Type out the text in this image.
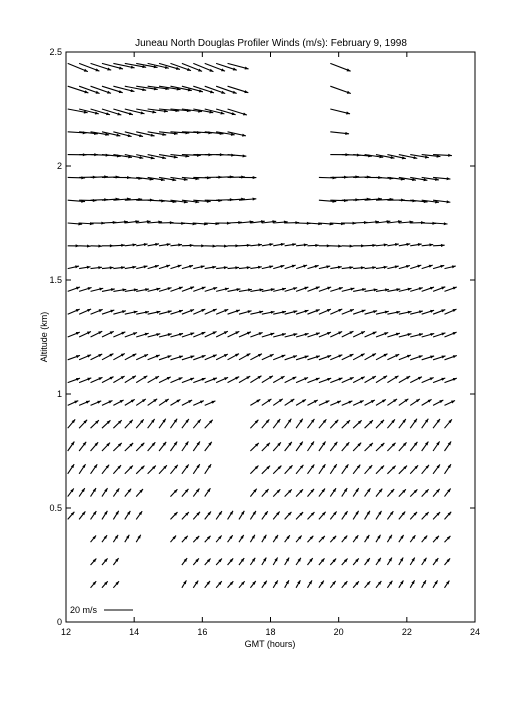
Juneau North Douglas Profiler Winds (m/s): February 9, 1998
12	14	16	18	20	22	24
0
0.5
1
1.5
2
2.5
GMT (hours)
Altitude (km)
20 m/s
